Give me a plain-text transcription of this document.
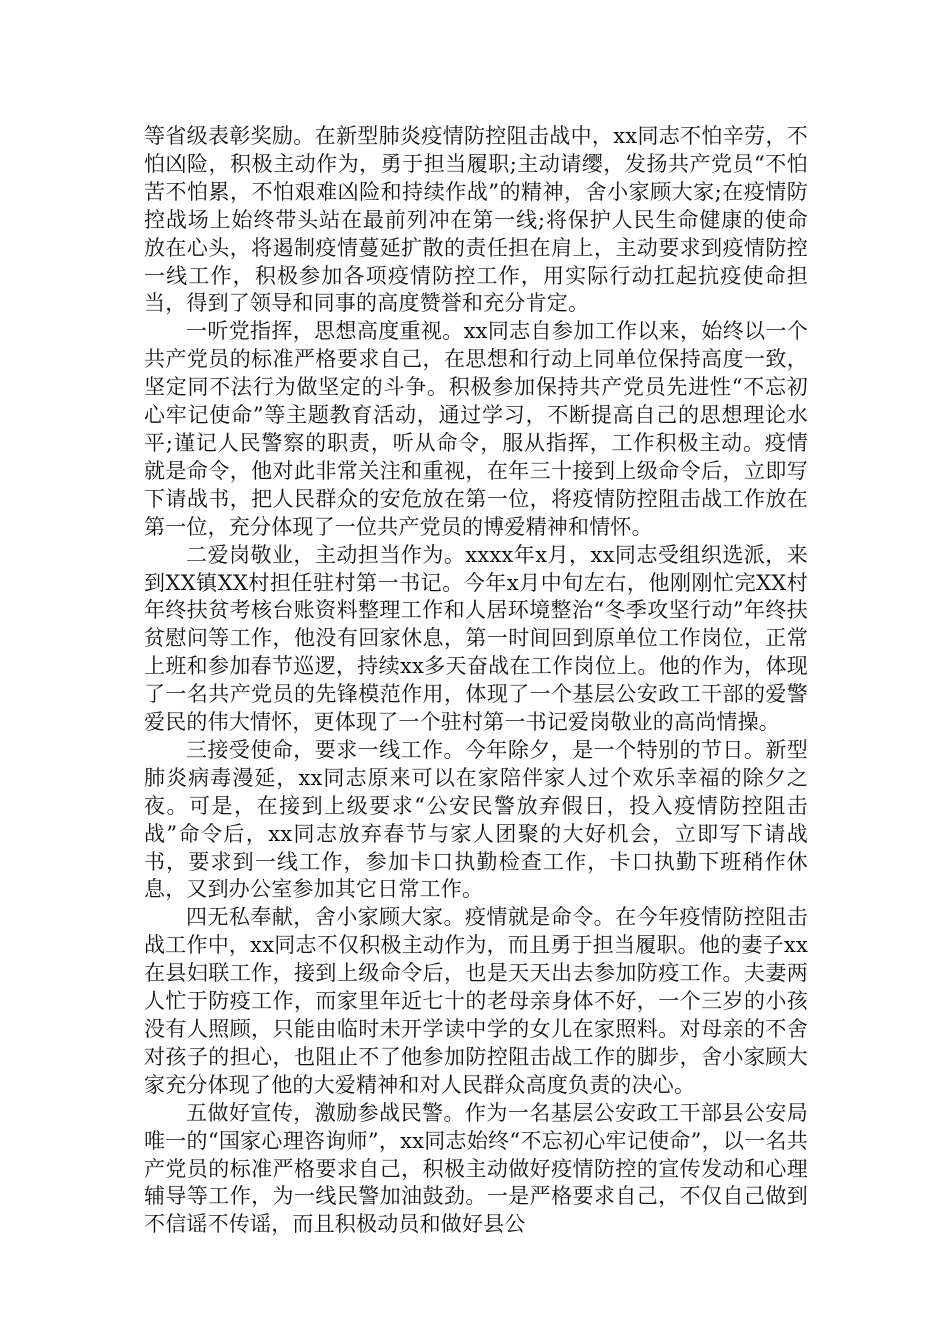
等省级表彰奖励。在新型肺炎疫情防控阻击战中，xx同志不怕辛劳，不怕凶险，积极主动作为，勇于担当履职;主动请缨，发扬共产党员“不怕苦不怕累，不怕艰难凶险和持续作战”的精神，舍小家顾大家;在疫情防控战场上始终带头站在最前列冲在第一线;将保护人民生命健康的使命放在心头，将遏制疫情蔓延扩散的责任担在肩上，主动要求到疫情防控一线工作，积极参加各项疫情防控工作，用实际行动扛起抗疫使命担当，得到了领导和同事的高度赞誉和充分肯定。

一听党指挥，思想高度重视。xx同志自参加工作以来，始终以一个共产党员的标准严格要求自己，在思想和行动上同单位保持高度一致，坚定同不法行为做坚定的斗争。积极参加保持共产党员先进性“不忘初心牢记使命”等主题教育活动，通过学习，不断提高自己的思想理论水平;谨记人民警察的职责，听从命令，服从指挥，工作积极主动。疫情就是命令，他对此非常关注和重视，在年三十接到上级命令后，立即写下请战书，把人民群众的安危放在第一位，将疫情防控阻击战工作放在第一位，充分体现了一位共产党员的博爱精神和情怀。

二爱岗敬业，主动担当作为。xxxx年x月，xx同志受组织选派，来到XX镇XX村担任驻村第一书记。今年x月中旬左右，他刚刚忙完XX村年终扶贫考核台账资料整理工作和人居环境整治“冬季攻坚行动”年终扶贫慰问等工作，他没有回家休息，第一时间回到原单位工作岗位，正常上班和参加春节巡逻，持续xx多天奋战在工作岗位上。他的作为，体现了一名共产党员的先锋模范作用，体现了一个基层公安政工干部的爱警爱民的伟大情怀，更体现了一个驻村第一书记爱岗敬业的高尚情操。

三接受使命，要求一线工作。今年除夕，是一个特别的节日。新型肺炎病毒漫延，xx同志原来可以在家陪伴家人过个欢乐幸福的除夕之夜。可是，在接到上级要求“公安民警放弃假日，投入疫情防控阻击战”命令后，xx同志放弃春节与家人团聚的大好机会，立即写下请战书，要求到一线工作，参加卡口执勤检查工作，卡口执勤下班稍作休息，又到办公室参加其它日常工作。

四无私奉献，舍小家顾大家。疫情就是命令。在今年疫情防控阻击战工作中，xx同志不仅积极主动作为，而且勇于担当履职。他的妻子xx在县妇联工作，接到上级命令后，也是天天出去参加防疫工作。夫妻两人忙于防疫工作，而家里年近七十的老母亲身体不好，一个三岁的小孩没有人照顾，只能由临时未开学读中学的女儿在家照料。对母亲的不舍对孩子的担心，也阻止不了他参加防控阻击战工作的脚步，舍小家顾大家充分体现了他的大爱精神和对人民群众高度负责的决心。

五做好宣传，激励参战民警。作为一名基层公安政工干部县公安局唯一的“国家心理咨询师”，xx同志始终“不忘初心牢记使命”，以一名共产党员的标准严格要求自己，积极主动做好疫情防控的宣传发动和心理辅导等工作，为一线民警加油鼓劲。一是严格要求自己，不仅自己做到不信谣不传谣，而且积极动员和做好县公
